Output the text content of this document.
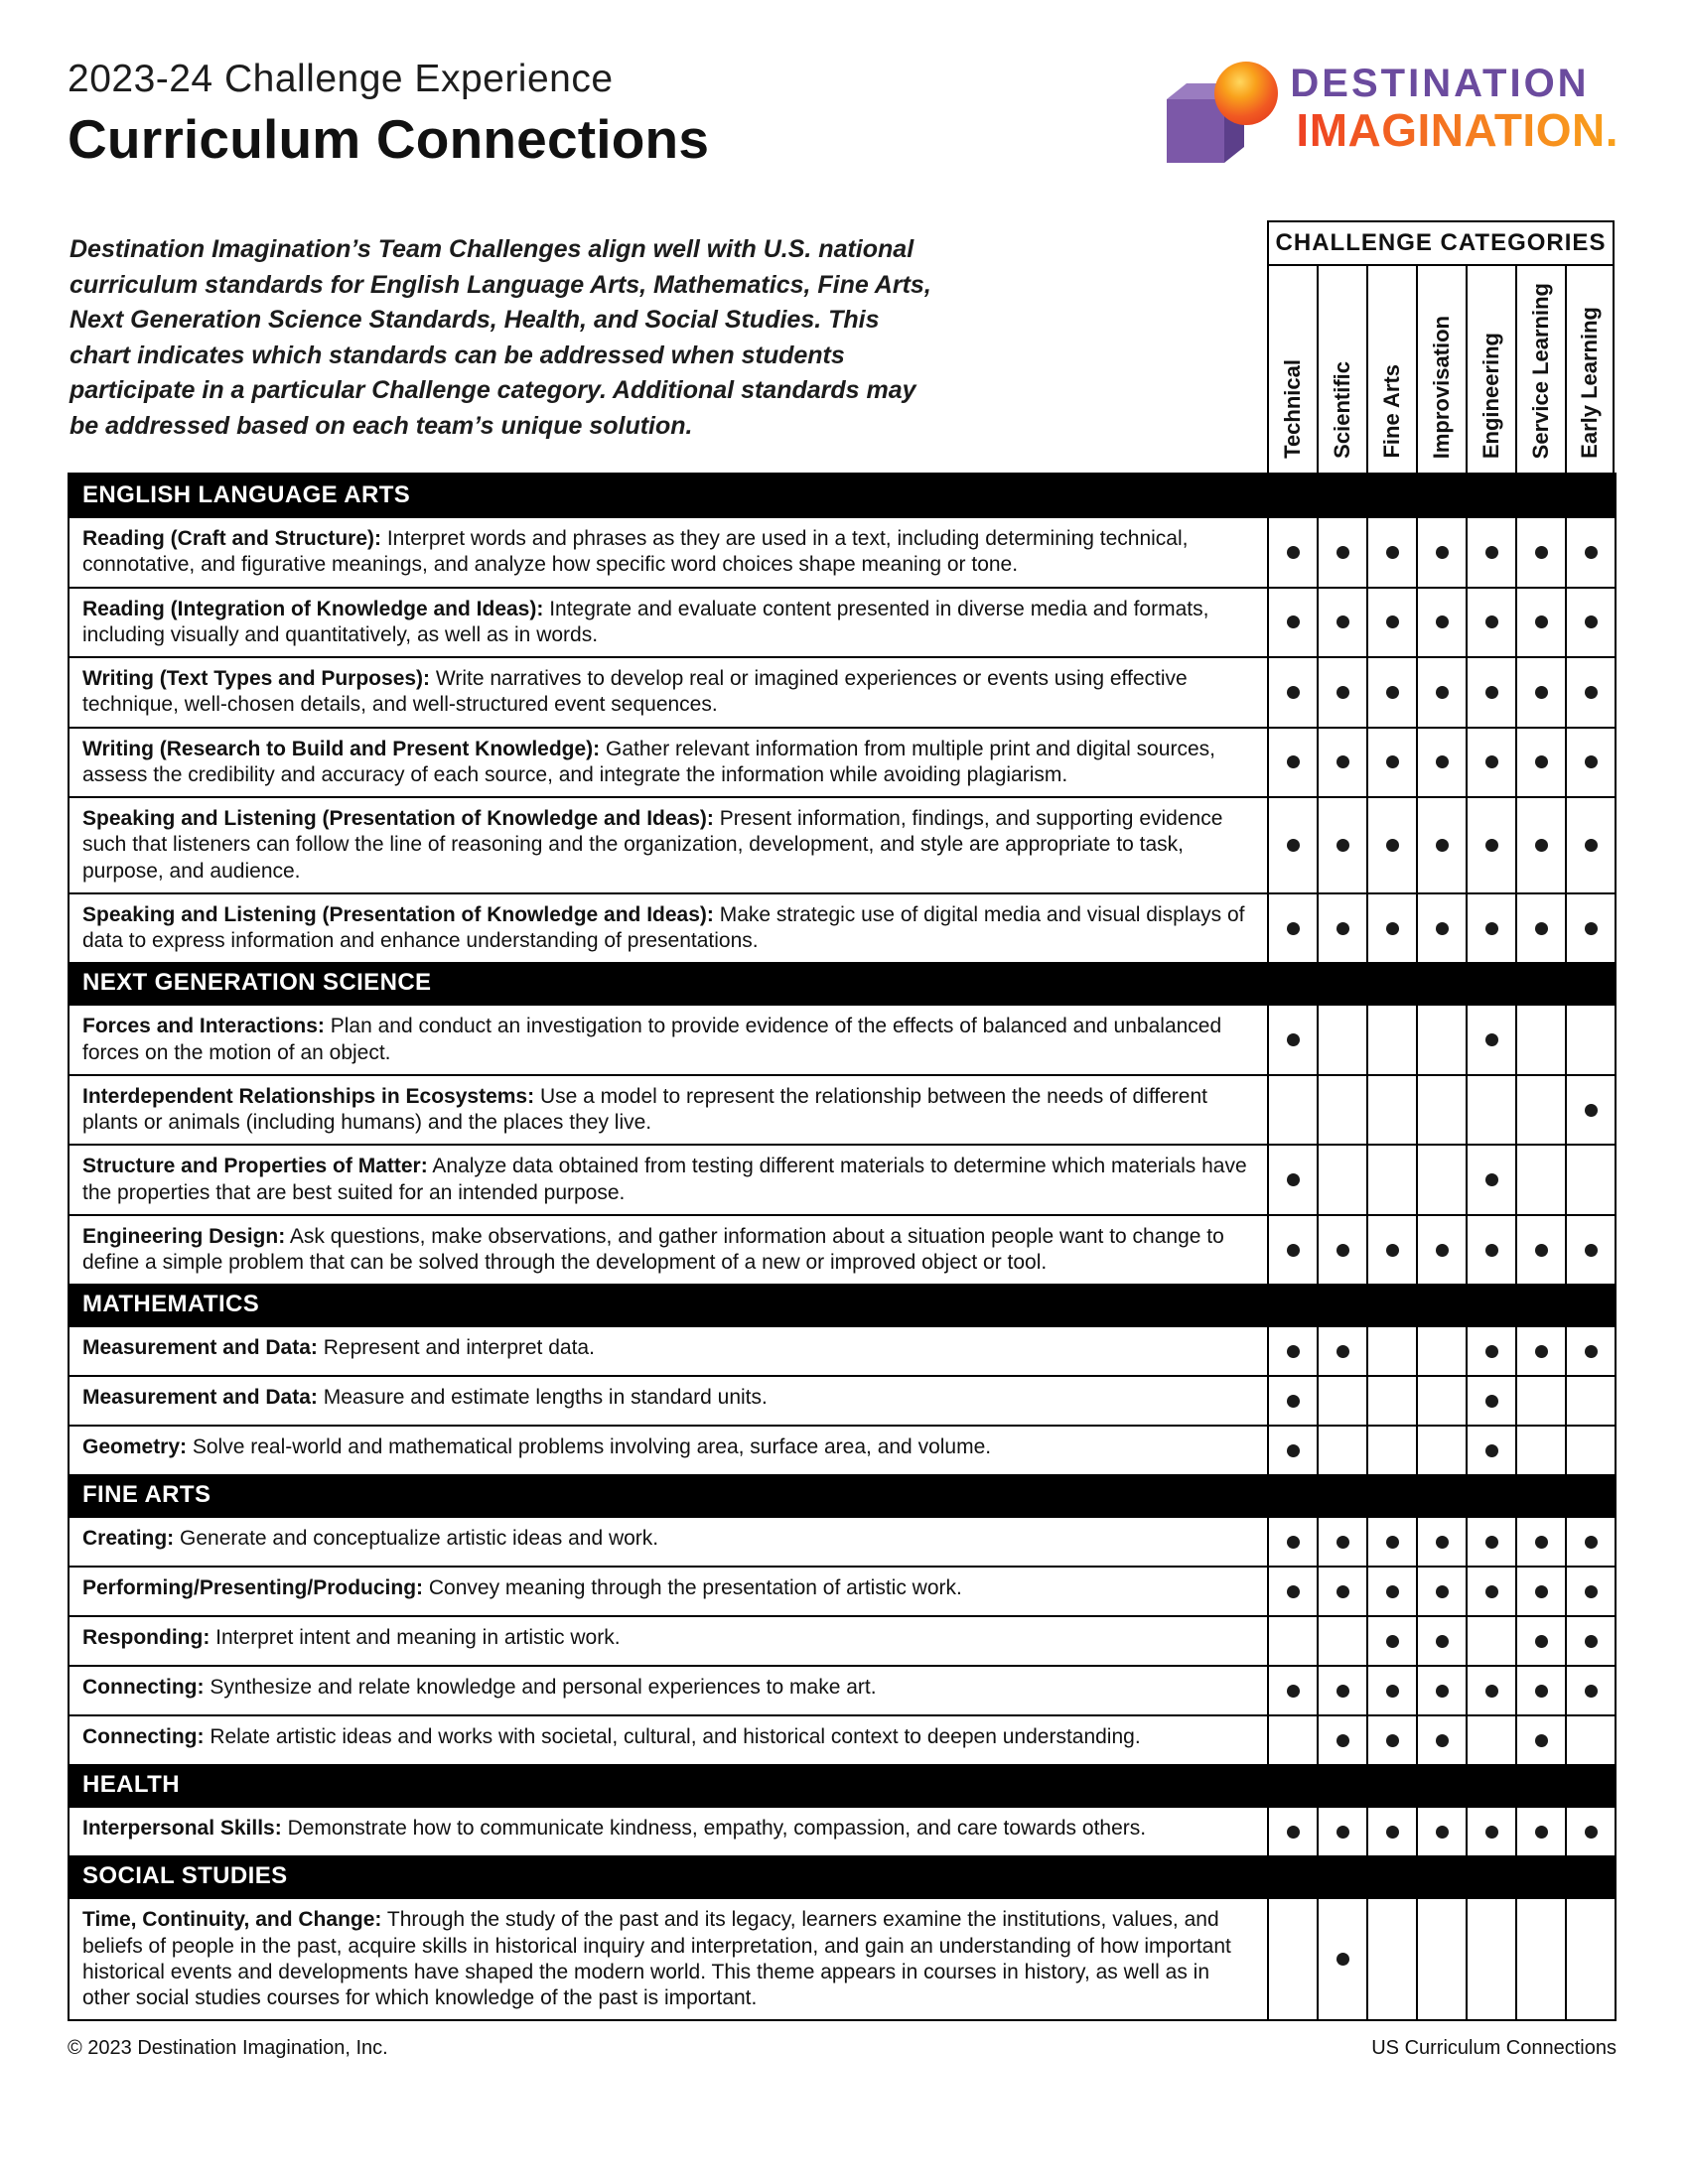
2023-24 Challenge Experience
Curriculum Connections
DESTINATION
IMAGINATION.

Destination Imagination’s Team Challenges align well with U.S. national curriculum standards for English Language Arts, Mathematics, Fine Arts, Next Generation Science Standards, Health, and Social Studies. This chart indicates which standards can be addressed when students participate in a particular Challenge category. Additional standards may be addressed based on each team’s unique solution.

CHALLENGE CATEGORIES
Technical Scientific Fine Arts Improvisation Engineering Service Learning Early Learning
ENGLISH LANGUAGE ARTS
Reading (Craft and Structure): Interpret words and phrases as they are used in a text, including determining technical, connotative, and figurative meanings, and analyze how specific word choices shape meaning or tone.
Reading (Integration of Knowledge and Ideas): Integrate and evaluate content presented in diverse media and formats, including visually and quantitatively, as well as in words.
Writing (Text Types and Purposes): Write narratives to develop real or imagined experiences or events using effective technique, well-chosen details, and well-structured event sequences.
Writing (Research to Build and Present Knowledge): Gather relevant information from multiple print and digital sources, assess the credibility and accuracy of each source, and integrate the information while avoiding plagiarism.
Speaking and Listening (Presentation of Knowledge and Ideas): Present information, findings, and supporting evidence such that listeners can follow the line of reasoning and the organization, development, and style are appropriate to task, purpose, and audience.
Speaking and Listening (Presentation of Knowledge and Ideas): Make strategic use of digital media and visual displays of data to express information and enhance understanding of presentations.
NEXT GENERATION SCIENCE
Forces and Interactions: Plan and conduct an investigation to provide evidence of the effects of balanced and unbalanced forces on the motion of an object.
Interdependent Relationships in Ecosystems: Use a model to represent the relationship between the needs of different plants or animals (including humans) and the places they live.
Structure and Properties of Matter: Analyze data obtained from testing different materials to determine which materials have the properties that are best suited for an intended purpose.
Engineering Design: Ask questions, make observations, and gather information about a situation people want to change to define a simple problem that can be solved through the development of a new or improved object or tool.
MATHEMATICS
Measurement and Data: Represent and interpret data.
Measurement and Data: Measure and estimate lengths in standard units.
Geometry: Solve real-world and mathematical problems involving area, surface area, and volume.
FINE ARTS
Creating: Generate and conceptualize artistic ideas and work.
Performing/Presenting/Producing: Convey meaning through the presentation of artistic work.
Responding: Interpret intent and meaning in artistic work.
Connecting: Synthesize and relate knowledge and personal experiences to make art.
Connecting: Relate artistic ideas and works with societal, cultural, and historical context to deepen understanding.
HEALTH
Interpersonal Skills: Demonstrate how to communicate kindness, empathy, compassion, and care towards others.
SOCIAL STUDIES
Time, Continuity, and Change: Through the study of the past and its legacy, learners examine the institutions, values, and beliefs of people in the past, acquire skills in historical inquiry and interpretation, and gain an understanding of how important historical events and developments have shaped the modern world. This theme appears in courses in history, as well as in other social studies courses for which knowledge of the past is important.
© 2023 Destination Imagination, Inc.	US Curriculum Connections
